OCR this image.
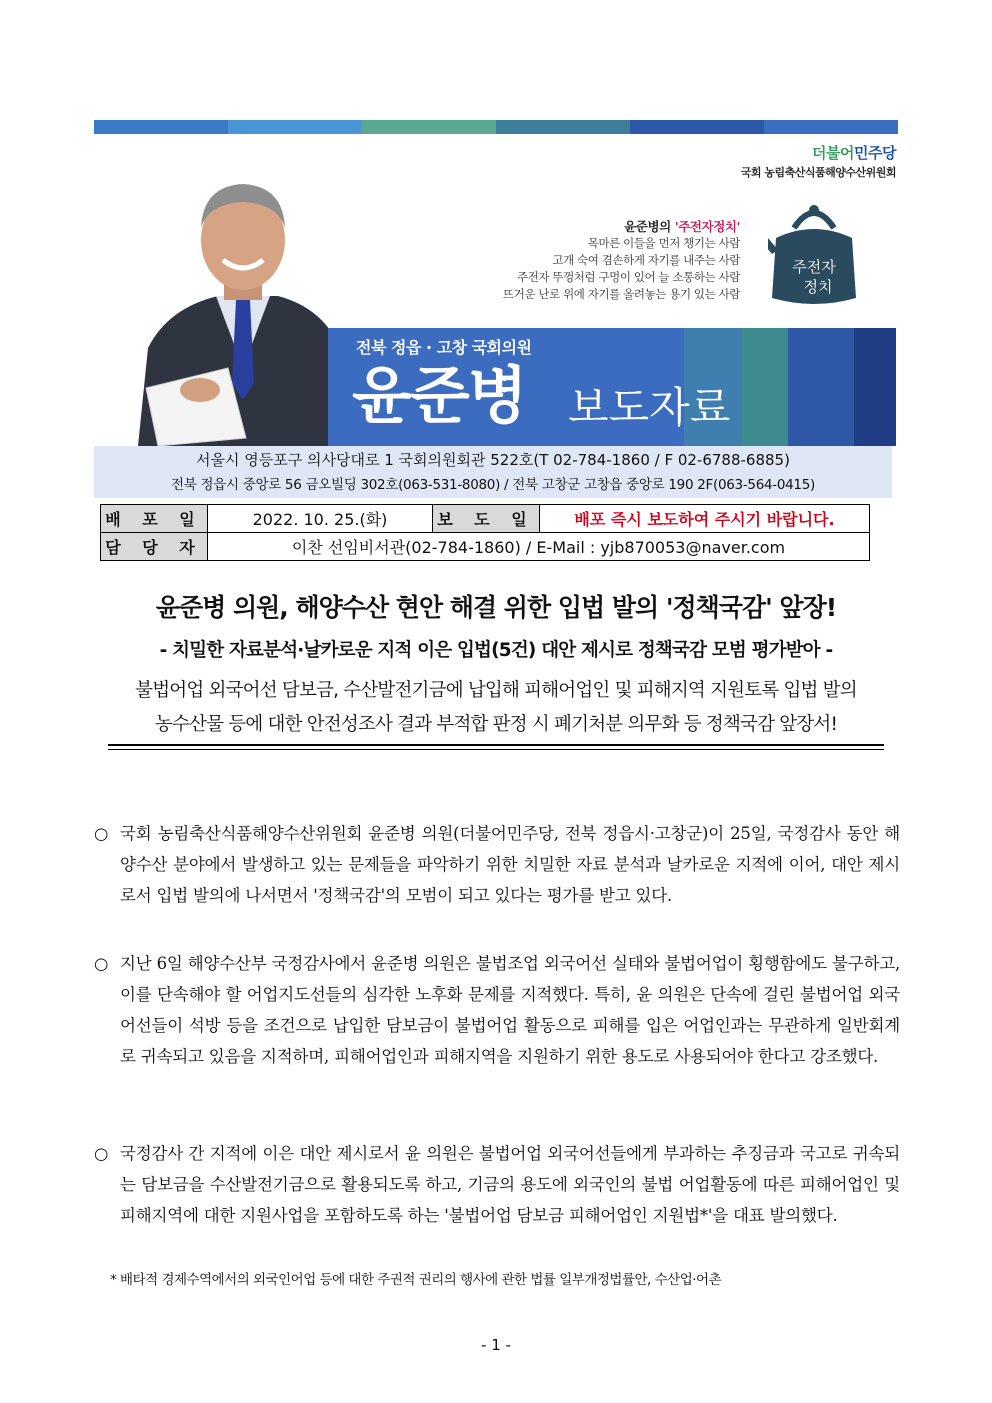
더불어민주당
국회 농림축산식품해양수산위원회
윤준병의 '주전자정치'
목마른 이들을 먼저 챙기는 사람
고개 숙여 겸손하게 자기를 내주는 사람
주전자 뚜껑처럼 구멍이 있어 늘 소통하는 사람
뜨거운 난로 위에 자기를 올려놓는 용기 있는 사람
주전자
정치
전북 정읍 · 고창 국회의원
윤준병 보도자료
서울시 영등포구 의사당대로 1 국회의원회관 522호(T 02-784-1860 / F 02-6788-6885)
전북 정읍시 중앙로 56 금오빌딩 302호(063-531-8080) / 전북 고창군 고창읍 중앙로 190 2F(063-564-0415)
배 포 일	2022. 10. 25.(화)	보 도 일	배포 즉시 보도하여 주시기 바랍니다.
담 당 자	이찬 선임비서관(02-784-1860) / E-Mail : yjb870053@naver.com		
윤준병 의원, 해양수산 현안 해결 위한 입법 발의 '정책국감' 앞장!
- 치밀한 자료분석·날카로운 지적 이은 입법(5건) 대안 제시로 정책국감 모범 평가받아 -
불법어업 외국어선 담보금, 수산발전기금에 납입해 피해어업인 및 피해지역 지원토록 입법 발의
농수산물 등에 대한 안전성조사 결과 부적합 판정 시 폐기처분 의무화 등 정책국감 앞장서!
○ 국회 농림축산식품해양수산위원회 윤준병 의원(더불어민주당, 전북 정읍시·고창군)이 25일, 국정감사 동안 해양수산 분야에서 발생하고 있는 문제들을 파악하기 위한 치밀한 자료 분석과 날카로운 지적에 이어, 대안 제시로서 입법 발의에 나서면서 '정책국감'의 모범이 되고 있다는 평가를 받고 있다.
○ 지난 6일 해양수산부 국정감사에서 윤준병 의원은 불법조업 외국어선 실태와 불법어업이 횡행함에도 불구하고, 이를 단속해야 할 어업지도선들의 심각한 노후화 문제를 지적했다. 특히, 윤 의원은 단속에 걸린 불법어업 외국어선들이 석방 등을 조건으로 납입한 담보금이 불법어업 활동으로 피해를 입은 어업인과는 무관하게 일반회계로 귀속되고 있음을 지적하며, 피해어업인과 피해지역을 지원하기 위한 용도로 사용되어야 한다고 강조했다.
○ 국정감사 간 지적에 이은 대안 제시로서 윤 의원은 불법어업 외국어선들에게 부과하는 추징금과 국고로 귀속되는 담보금을 수산발전기금으로 활용되도록 하고, 기금의 용도에 외국인의 불법 어업활동에 따른 피해어업인 및 피해지역에 대한 지원사업을 포함하도록 하는 '불법어업 담보금 피해어업인 지원법*'을 대표 발의했다.
* 배타적 경제수역에서의 외국인어업 등에 대한 주권적 권리의 행사에 관한 법률 일부개정법률안, 수산업·어촌
- 1 -
